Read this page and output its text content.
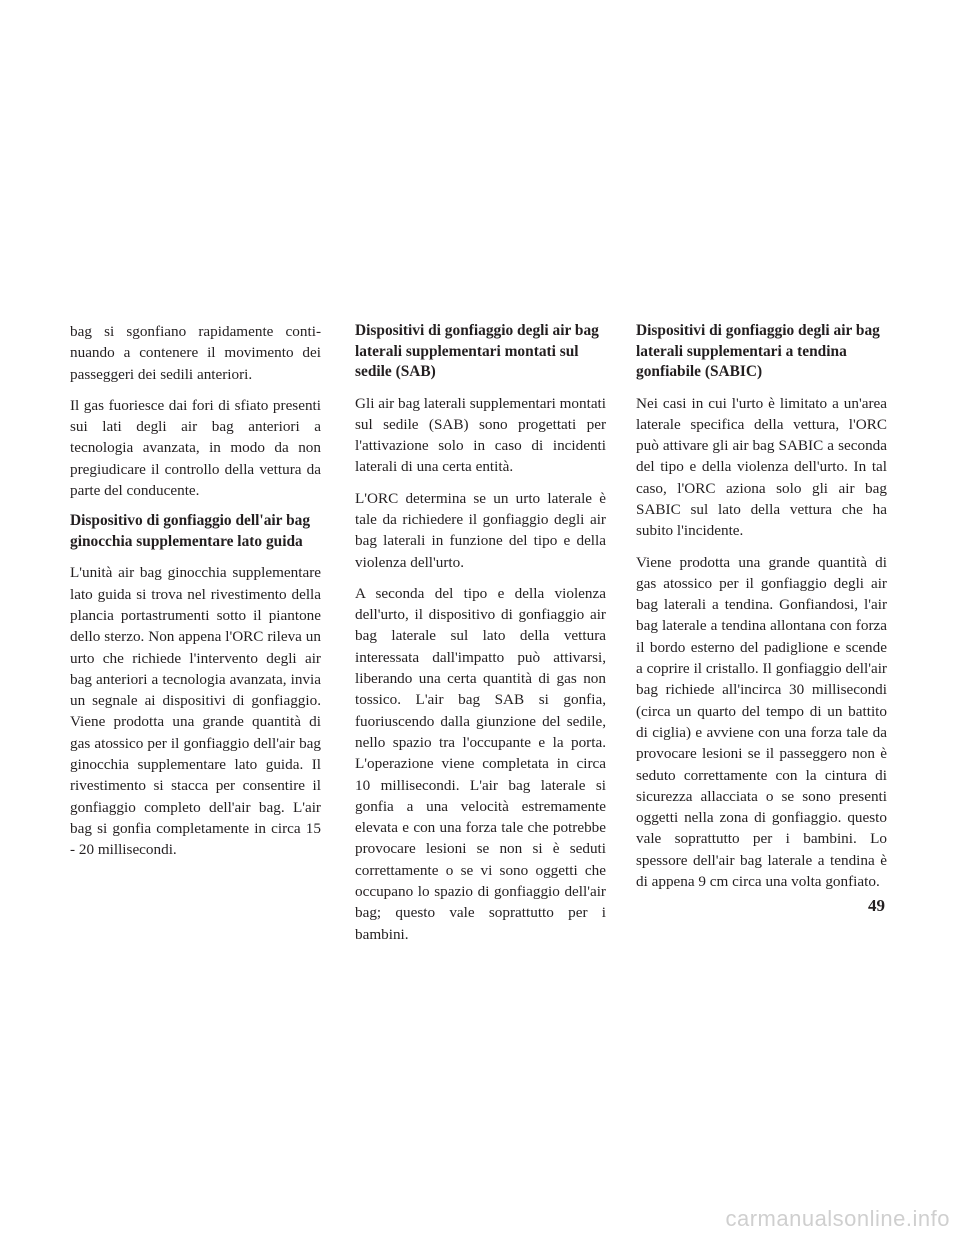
bag si sgonfiano rapidamente continuando a contenere il movimento dei passeggeri dei sedili anteriori.

Il gas fuoriesce dai fori di sfiato presenti sui lati degli air bag anteriori a tecnologia avanzata, in modo da non pregiudicare il controllo della vettura da parte del conducente.

Dispositivo di gonfiaggio dell'air bag ginocchia supplementare lato guida

L'unità air bag ginocchia supplementare lato guida si trova nel rivestimento della plancia portastrumenti sotto il piantone dello sterzo. Non appena l'ORC rileva un urto che richiede l'intervento degli air bag anteriori a tecnologia avanzata, invia un segnale ai dispositivi di gonfiaggio. Viene prodotta una grande quantità di gas atossico per il gonfiaggio dell'air bag ginocchia supplementare lato guida. Il rivestimento si stacca per consentire il gonfiaggio completo dell'air bag. L'air bag si gonfia completamente in circa 15 - 20 millisecondi.

Dispositivi di gonfiaggio degli air bag laterali supplementari montati sul sedile (SAB)

Gli air bag laterali supplementari montati sul sedile (SAB) sono progettati per l'attivazione solo in caso di incidenti laterali di una certa entità.

L'ORC determina se un urto laterale è tale da richiedere il gonfiaggio degli air bag laterali in funzione del tipo e della violenza dell'urto.

A seconda del tipo e della violenza dell'urto, il dispositivo di gonfiaggio air bag laterale sul lato della vettura interessata dall'impatto può attivarsi, liberando una certa quantità di gas non tossico. L'air bag SAB si gonfia, fuoriuscendo dalla giunzione del sedile, nello spazio tra l'occupante e la porta. L'operazione viene completata in circa 10 millisecondi. L'air bag laterale si gonfia a una velocità estremamente elevata e con una forza tale che potrebbe provocare lesioni se non si è seduti correttamente o se vi sono oggetti che occupano lo spazio di gonfiaggio dell'air bag; questo vale soprattutto per i bambini.

Dispositivi di gonfiaggio degli air bag laterali supplementari a tendina gonfiabile (SABIC)

Nei casi in cui l'urto è limitato a un'area laterale specifica della vettura, l'ORC può attivare gli air bag SABIC a seconda del tipo e della violenza dell'urto. In tal caso, l'ORC aziona solo gli air bag SABIC sul lato della vettura che ha subito l'incidente.

Viene prodotta una grande quantità di gas atossico per il gonfiaggio degli air bag laterali a tendina. Gonfiandosi, l'air bag laterale a tendina allontana con forza il bordo esterno del padiglione e scende a coprire il cristallo. Il gonfiaggio dell'air bag richiede all'incirca 30 millisecondi (circa un quarto del tempo di un battito di ciglia) e avviene con una forza tale da provocare lesioni se il passeggero non è seduto correttamente con la cintura di sicurezza allacciata o se sono presenti oggetti nella zona di gonfiaggio. questo vale soprattutto per i bambini. Lo spessore dell'air bag laterale a tendina è di appena 9 cm circa una volta gonfiato.

49
carmanualsonline.info
